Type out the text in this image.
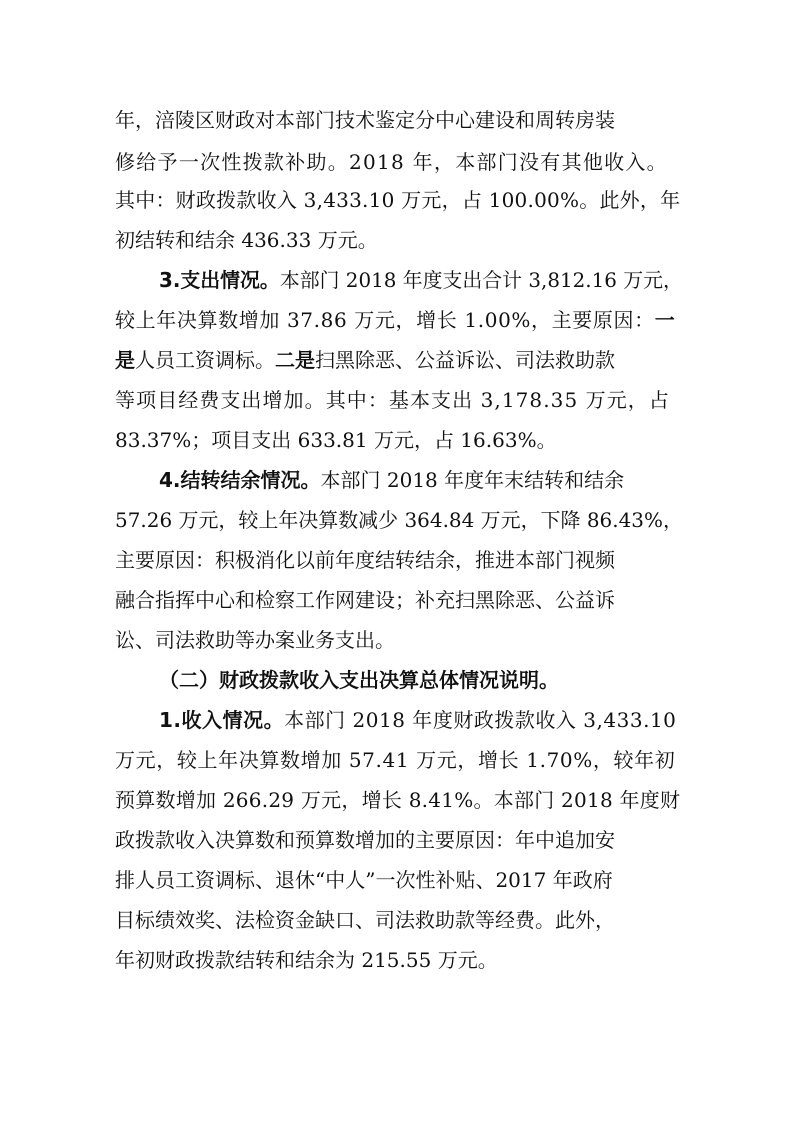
年，涪陵区财政对本部门技术鉴定分中心建设和周转房装
修给予一次性拨款补助。2018 年，本部门没有其他收入。
其中：财政拨款收入 3,433.10 万元，占 100.00%。此外，年
初结转和结余 436.33 万元。
3.支出情况。本部门 2018 年度支出合计 3,812.16 万元，
较上年决算数增加 37.86 万元，增长 1.00%，主要原因：一
是人员工资调标。二是扫黑除恶、公益诉讼、司法救助款
等项目经费支出增加。其中：基本支出 3,178.35 万元，占
83.37%；项目支出 633.81 万元，占 16.63%。
4.结转结余情况。本部门 2018 年度年末结转和结余
57.26 万元，较上年决算数减少 364.84 万元，下降 86.43%，
主要原因：积极消化以前年度结转结余，推进本部门视频
融合指挥中心和检察工作网建设；补充扫黑除恶、公益诉
讼、司法救助等办案业务支出。
（二）财政拨款收入支出决算总体情况说明。
1.收入情况。本部门 2018 年度财政拨款收入 3,433.10
万元，较上年决算数增加 57.41 万元，增长 1.70%，较年初
预算数增加 266.29 万元，增长 8.41%。本部门 2018 年度财
政拨款收入决算数和预算数增加的主要原因：年中追加安
排人员工资调标、退休“中人”一次性补贴、2017 年政府
目标绩效奖、法检资金缺口、司法救助款等经费。此外，
年初财政拨款结转和结余为 215.55 万元。
